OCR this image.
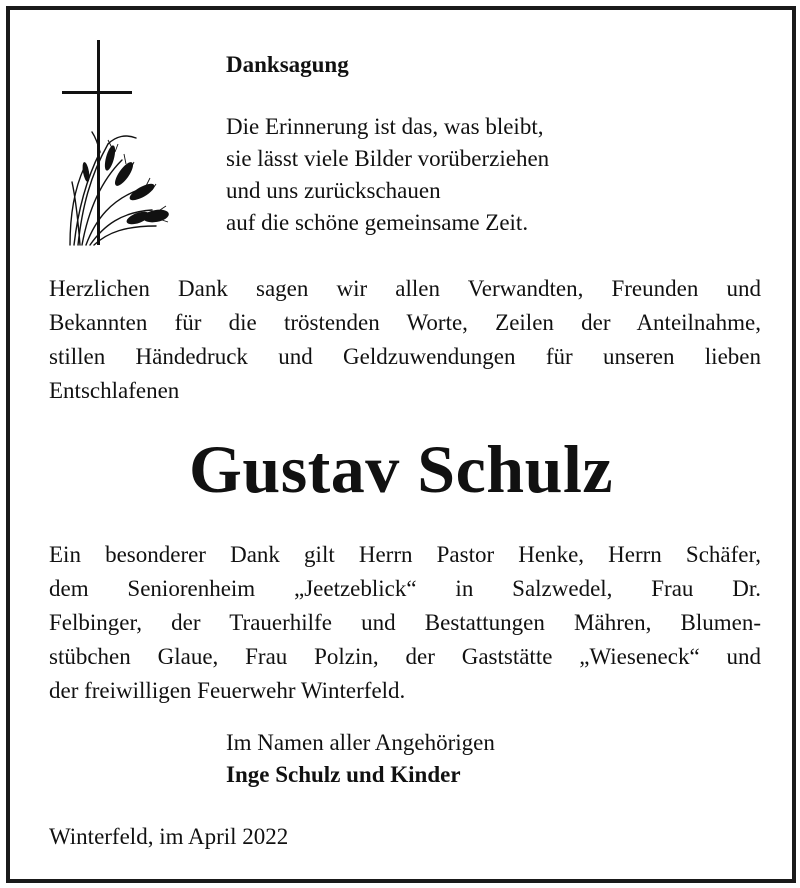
Danksagung

Die Erinnerung ist das, was bleibt,
sie lässt viele Bilder vorüberziehen
und uns zurückschauen
auf die schöne gemeinsame Zeit.
Herzlichen Dank sagen wir allen Verwandten, Freunden und
Bekannten für die tröstenden Worte, Zeilen der Anteilnahme,
stillen Händedruck und Geldzuwendungen für unseren lieben
Entschlafenen

Gustav Schulz

Ein besonderer Dank gilt Herrn Pastor Henke, Herrn Schäfer,
dem Seniorenheim „Jeetzeblick“ in Salzwedel, Frau Dr.
Felbinger, der Trauerhilfe und Bestattungen Mähren, Blumen-
stübchen Glaue, Frau Polzin, der Gaststätte „Wieseneck“ und
der freiwilligen Feuerwehr Winterfeld.

Im Namen aller Angehörigen

Inge Schulz und Kinder

Winterfeld, im April 2022
